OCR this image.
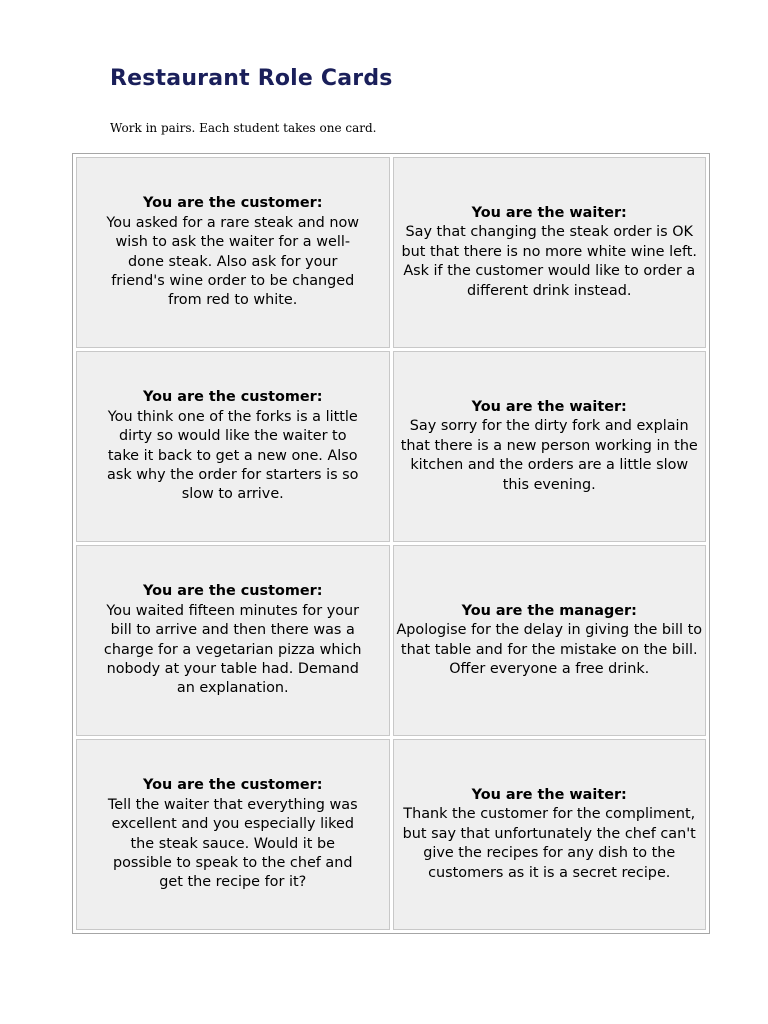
Restaurant Role Cards
Work in pairs. Each student takes one card.
You are the customer:
You asked for a rare steak and now wish to ask the waiter for a well-done steak. Also ask for your friend's wine order to be changed from red to white.
You are the waiter:
Say that changing the steak order is OK but that there is no more white wine left. Ask if the customer would like to order a different drink instead.
You are the customer:
You think one of the forks is a little dirty so would like the waiter to take it back to get a new one. Also ask why the order for starters is so slow to arrive.
You are the waiter:
Say sorry for the dirty fork and explain that there is a new person working in the kitchen and the orders are a little slow this evening.
You are the customer:
You waited fifteen minutes for your bill to arrive and then there was a charge for a vegetarian pizza which nobody at your table had. Demand an explanation.
You are the manager:
Apologise for the delay in giving the bill to that table and for the mistake on the bill. Offer everyone a free drink.
You are the customer:
Tell the waiter that everything was excellent and you especially liked the steak sauce. Would it be possible to speak to the chef and get the recipe for it?
You are the waiter:
Thank the customer for the compliment, but say that unfortunately the chef can't give the recipes for any dish to the customers as it is a secret recipe.
